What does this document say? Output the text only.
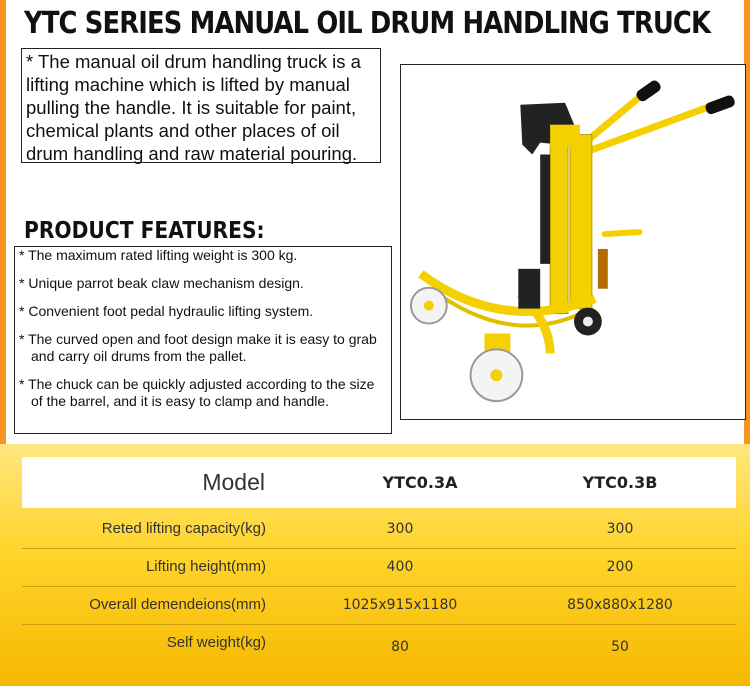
YTC SERIES MANUAL OIL DRUM HANDLING TRUCK
* The manual oil drum handling truck is a lifting machine which is lifted by manual pulling the handle. It is suitable for paint, chemical plants and other places of oil drum handling and raw material pouring.
PRODUCT FEATURES:
* The maximum rated lifting weight is 300 kg.
* Unique parrot beak claw mechanism design.
* Convenient foot pedal hydraulic lifting system.
* The curved open and foot design make it is easy to grab and carry oil drums from the pallet.
* The chuck can be quickly adjusted according to the size of the barrel, and it is easy to clamp and handle.
Model	YTC0.3A	YTC0.3B
Reted lifting capacity(kg)	300	300
Lifting height(mm)	400	200
Overall demendeions(mm)	1025x915x1180	850x880x1280
Self weight(kg)	80	50
